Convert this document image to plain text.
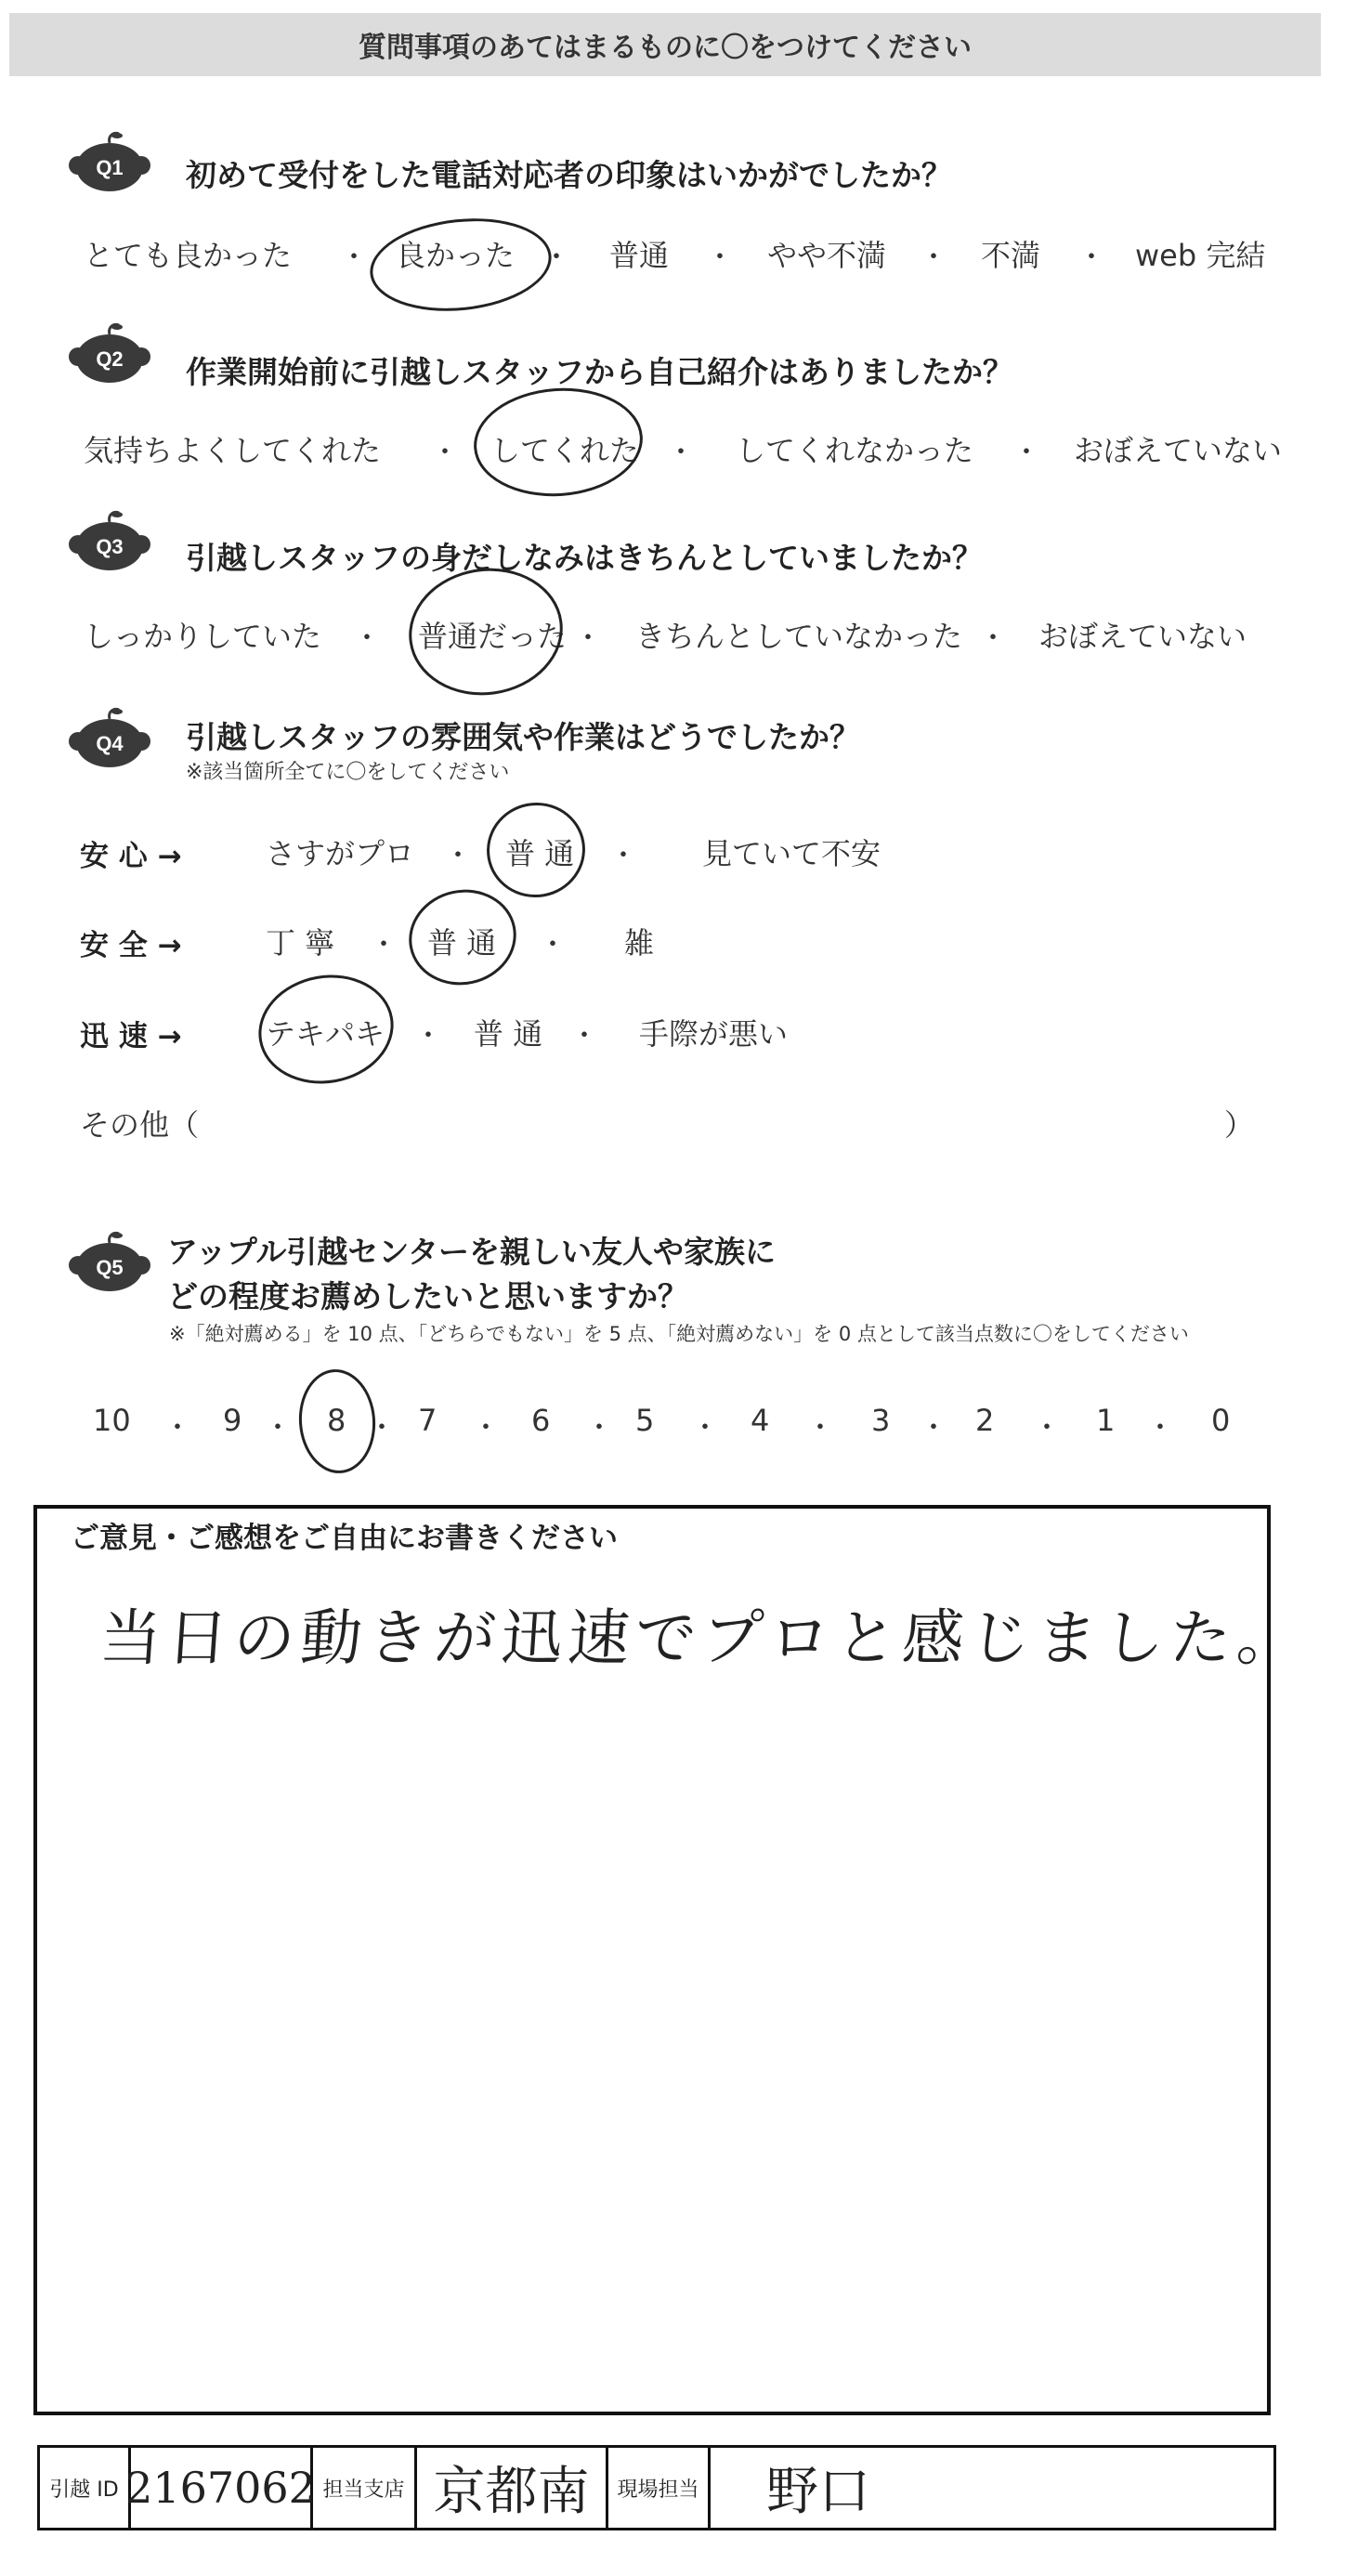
質問事項のあてはまるものに〇をつけてください
Q1 初めて受付をした電話対応者の印象はいかがでしたか？
とても良かった ・ 良かった ・ 普通 ・ やや不満 ・ 不満 ・ web 完結
Q2 作業開始前に引越しスタッフから自己紹介はありましたか？
気持ちよくしてくれた ・ してくれた ・ してくれなかった ・ おぼえていない
Q3 引越しスタッフの身だしなみはきちんとしていましたか？
しっかりしていた ・ 普通だった ・ きちんとしていなかった ・ おぼえていない
Q4 引越しスタッフの雰囲気や作業はどうでしたか？
※該当箇所全てに〇をしてください
安 心 →	さすがプロ ・ 普 通 ・ 見ていて不安
安 全 →	丁 寧 ・ 普 通 ・ 雑
迅 速 →	テキパキ ・ 普 通 ・ 手際が悪い
その他（	）
Q5 アップル引越センターを親しい友人や家族に
どの程度お薦めしたいと思いますか？
※「絶対薦める」を 10 点、「どちらでもない」を 5 点、「絶対薦めない」を 0 点として該当点数に〇をしてください
10 ・ 9 ・ 8 ・ 7 ・ 6 ・ 5 ・ 4 ・ 3 ・ 2 ・ 1 ・ 0
ご意見・ご感想をご自由にお書きください
当日の動きが迅速でプロと感じました。
引越 ID 2167062 担当支店 京都南 現場担当 野口
